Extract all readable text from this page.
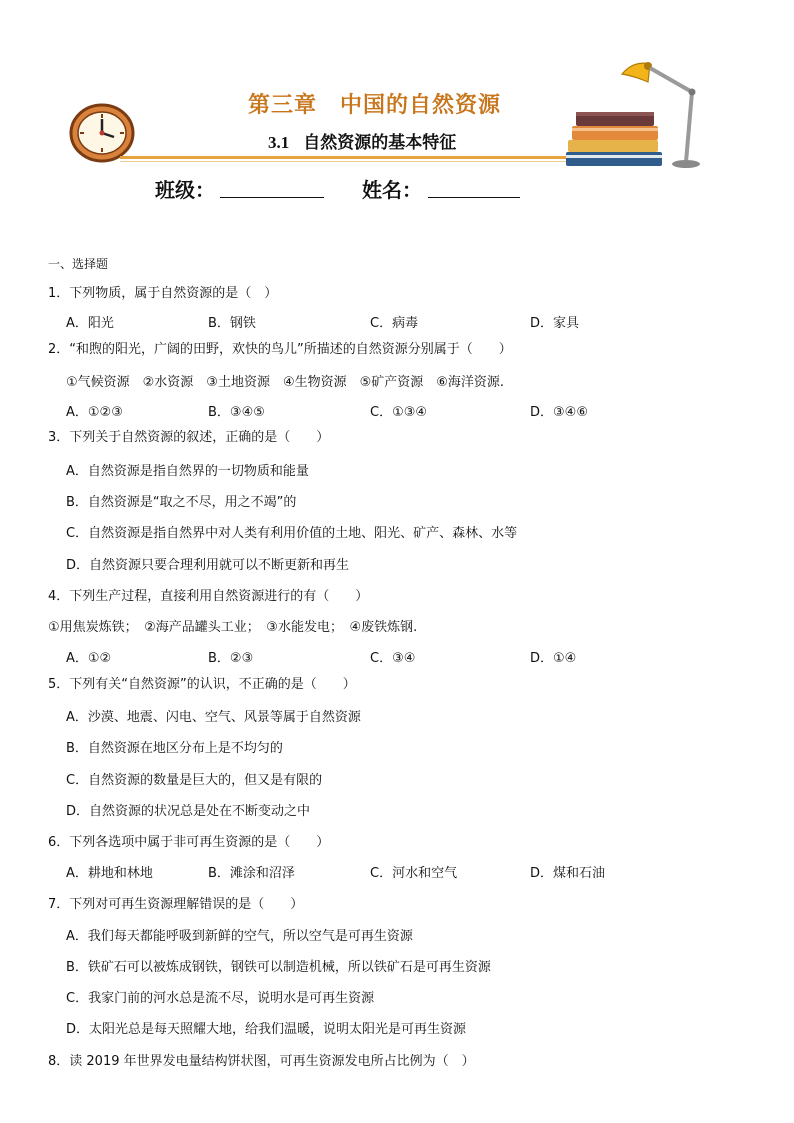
第三章　中国的自然资源
3.1 自然资源的基本特征
班级：	姓名：
一、选择题
1．下列物质，属于自然资源的是（　）
A．阳光	B．钢铁	C．病毒	D．家具
2．“和煦的阳光，广阔的田野，欢快的鸟儿”所描述的自然资源分别属于（　　）
①气候资源　②水资源　③土地资源　④生物资源　⑤矿产资源　⑥海洋资源.
A．①②③	B．③④⑤	C．①③④	D．③④⑥
3．下列关于自然资源的叙述，正确的是（　　）
A．自然资源是指自然界的一切物质和能量
B．自然资源是“取之不尽，用之不竭”的
C．自然资源是指自然界中对人类有利用价值的土地、阳光、矿产、森林、水等
D．自然资源只要合理利用就可以不断更新和再生
4．下列生产过程，直接利用自然资源进行的有（　　）
①用焦炭炼铁；　②海产品罐头工业；　③水能发电；　④废铁炼钢.
A．①②	B．②③	C．③④	D．①④
5．下列有关“自然资源”的认识，不正确的是（　　）
A．沙漠、地震、闪电、空气、风景等属于自然资源
B．自然资源在地区分布上是不均匀的
C．自然资源的数量是巨大的，但又是有限的
D．自然资源的状况总是处在不断变动之中
6．下列各选项中属于非可再生资源的是（　　）
A．耕地和林地	B．滩涂和沼泽	C．河水和空气	D．煤和石油
7．下列对可再生资源理解错误的是（　　）
A．我们每天都能呼吸到新鲜的空气，所以空气是可再生资源
B．铁矿石可以被炼成钢铁，钢铁可以制造机械，所以铁矿石是可再生资源
C．我家门前的河水总是流不尽，说明水是可再生资源
D．太阳光总是每天照耀大地，给我们温暖，说明太阳光是可再生资源
8．读 2019 年世界发电量结构饼状图，可再生资源发电所占比例为（　）
